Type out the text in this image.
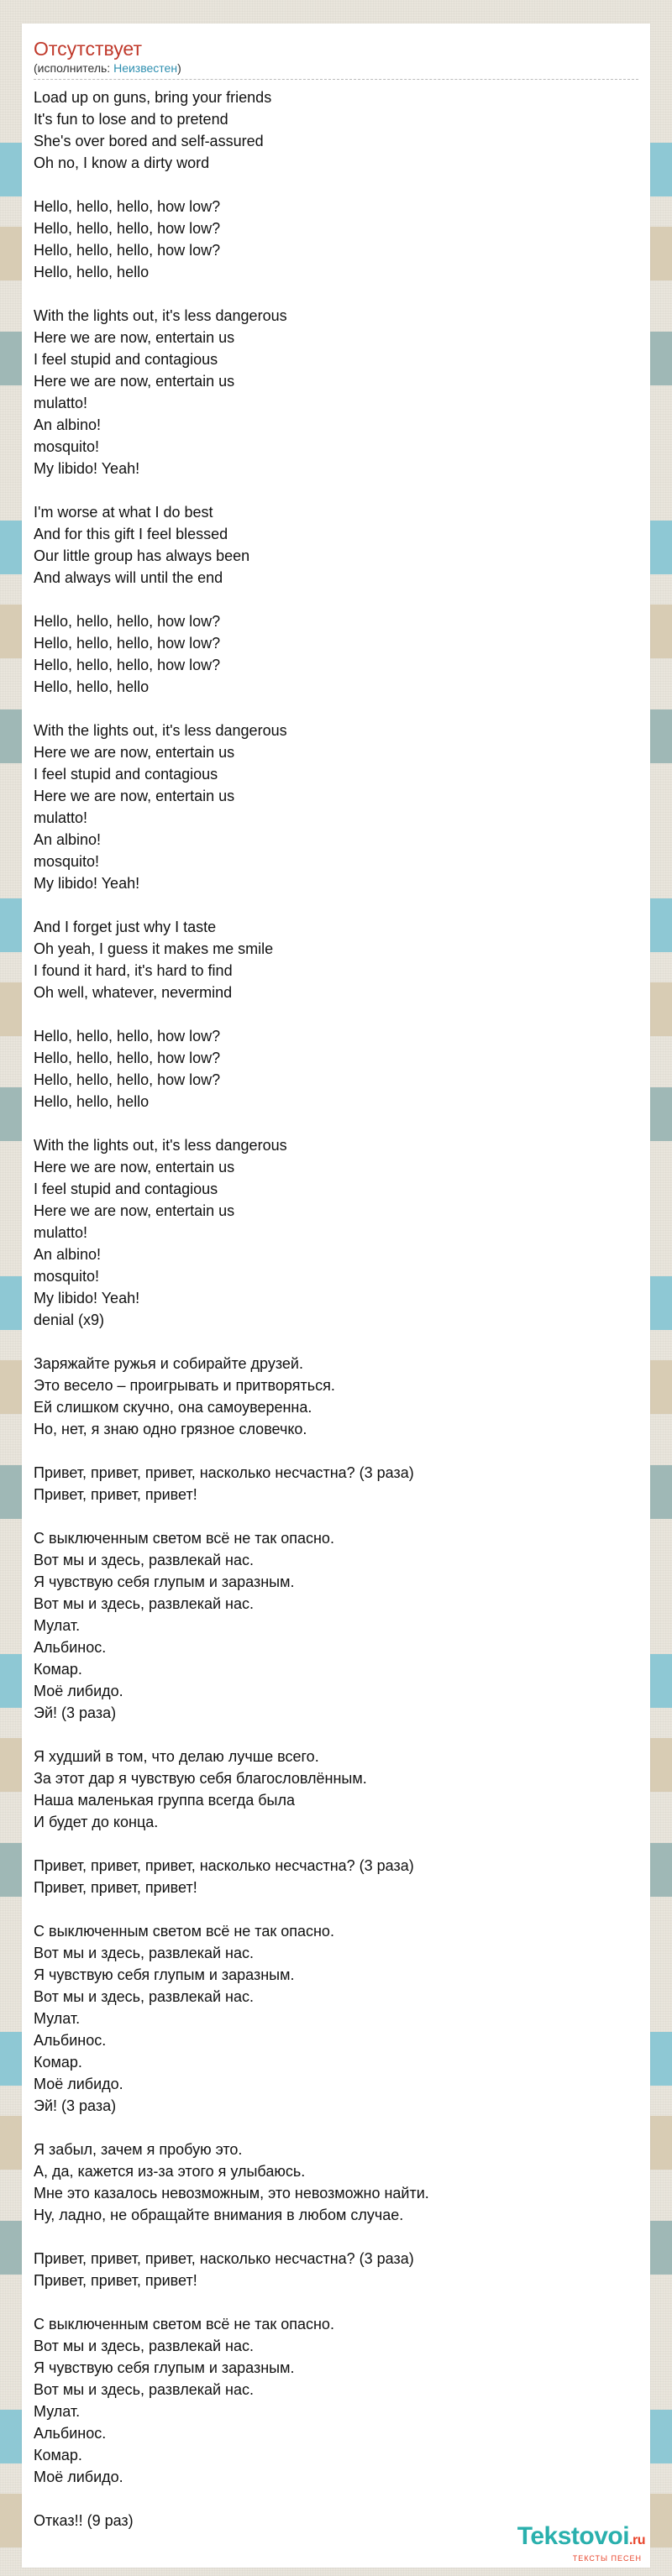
Отсутствует
(исполнитель: Неизвестен)
Load up on guns, bring your friends
It's fun to lose and to pretend
She's over bored and self-assured
Oh no, I know a dirty word

Hello, hello, hello, how low?
Hello, hello, hello, how low?
Hello, hello, hello, how low?
Hello, hello, hello

With the lights out, it's less dangerous
Here we are now, entertain us
I feel stupid and contagious
Here we are now, entertain us
mulatto!
An albino!
mosquito!
My libido! Yeah!

I'm worse at what I do best
And for this gift I feel blessed
Our little group has always been
And always will until the end

Hello, hello, hello, how low?
Hello, hello, hello, how low?
Hello, hello, hello, how low?
Hello, hello, hello

With the lights out, it's less dangerous
Here we are now, entertain us
I feel stupid and contagious
Here we are now, entertain us
mulatto!
An albino!
mosquito!
My libido! Yeah!

And I forget just why I taste
Oh yeah, I guess it makes me smile
I found it hard, it's hard to find
Oh well, whatever, nevermind

Hello, hello, hello, how low?
Hello, hello, hello, how low?
Hello, hello, hello, how low?
Hello, hello, hello

With the lights out, it's less dangerous
Here we are now, entertain us
I feel stupid and contagious
Here we are now, entertain us
mulatto!
An albino!
mosquito!
My libido! Yeah!
denial (x9)

Заряжайте ружья и собирайте друзей.
Это весело – проигрывать и притворяться.
Ей слишком скучно, она самоуверенна.
Но, нет, я знаю одно грязное словечко.

Привет, привет, привет, насколько несчастна? (3 раза)
Привет, привет, привет!

С выключенным светом всё не так опасно.
Вот мы и здесь, развлекай нас.
Я чувствую себя глупым и заразным.
Вот мы и здесь, развлекай нас.
Мулат.
Альбинос.
Комар.
Моё либидо.
Эй! (3 раза)

Я худший в том, что делаю лучше всего.
За этот дар я чувствую себя благословлённым.
Наша маленькая группа всегда была
И будет до конца.

Привет, привет, привет, насколько несчастна? (3 раза)
Привет, привет, привет!

С выключенным светом всё не так опасно.
Вот мы и здесь, развлекай нас.
Я чувствую себя глупым и заразным.
Вот мы и здесь, развлекай нас.
Мулат.
Альбинос.
Комар.
Моё либидо.
Эй! (3 раза)

Я забыл, зачем я пробую это.
А, да, кажется из-за этого я улыбаюсь.
Мне это казалось невозможным, это невозможно найти.
Ну, ладно, не обращайте внимания в любом случае.

Привет, привет, привет, насколько несчастна? (3 раза)
Привет, привет, привет!

С выключенным светом всё не так опасно.
Вот мы и здесь, развлекай нас.
Я чувствую себя глупым и заразным.
Вот мы и здесь, развлекай нас.
Мулат.
Альбинос.
Комар.
Моё либидо.

Отказ!! (9 раз)
Tekstovoi.ru
ТЕКСТЫ ПЕСЕН
